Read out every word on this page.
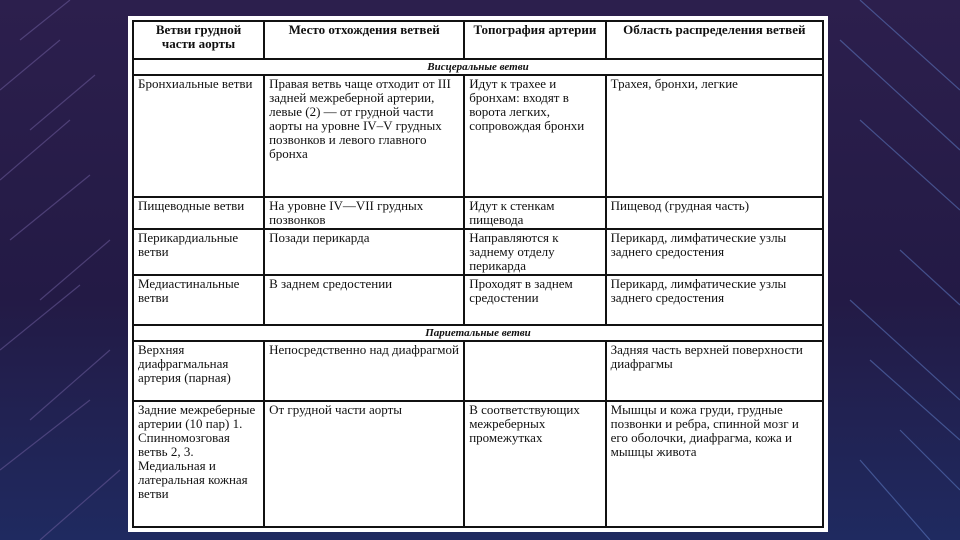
Ветви грудной части аорты	Место отхождения ветвей	Топография артерии	Область распределения ветвей
Висцеральные ветви			
Бронхиальные ветви	Правая ветвь чаще отходит от III задней межреберной артерии, левые (2) — от грудной части аорты на уровне IV–V грудных позвонков и левого главного бронха	Идут к трахее и бронхам: входят в ворота легких, сопровождая бронхи	Трахея, бронхи, легкие
Пищеводные ветви	На уровне IV—VII грудных позвонков	Идут к стенкам пищевода	Пищевод (грудная часть)
Перикардиальные ветви	Позади перикарда	Направляются к заднему отделу перикарда	Перикард, лимфатические узлы заднего средостения
Медиастинальные ветви	В заднем средостении	Проходят в заднем средостении	Перикард, лимфатические узлы заднего средостения
Париетальные ветви			
Верхняя диафрагмальная артерия (парная)	Непосредственно над диафрагмой		Задняя часть верхней поверхности диафрагмы
Задние межреберные артерии (10 пар) 1. Спинномозговая ветвь 2, 3. Медиальная и латеральная кожная ветви	От грудной части аорты	В соответствующих межреберных промежутках	Мышцы и кожа груди, грудные позвонки и ребра, спинной мозг и его оболочки, диафрагма, кожа и мышцы живота
